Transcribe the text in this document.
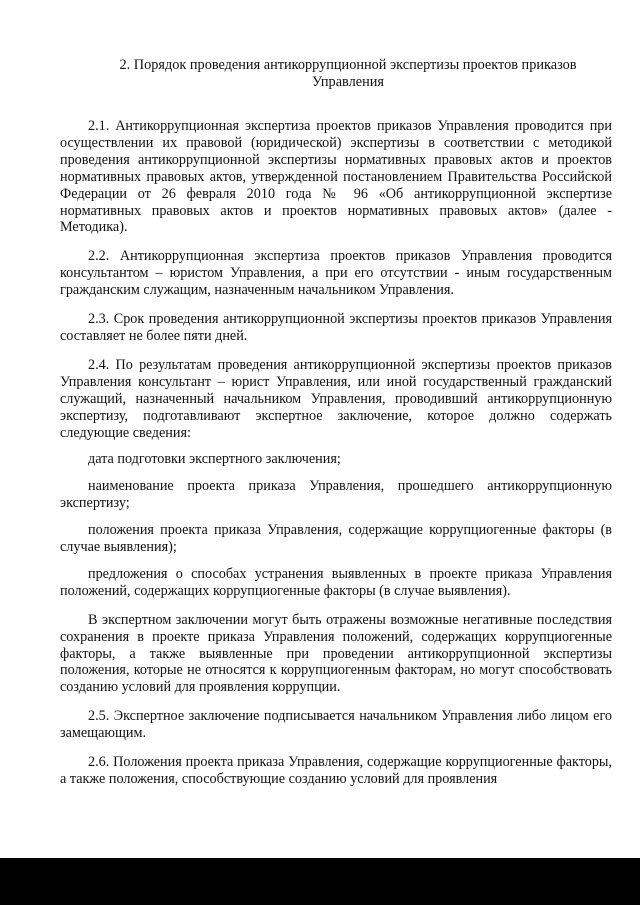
2. Порядок проведения антикоррупционной экспертизы проектов приказов
Управления

2.1. Антикоррупционная экспертиза проектов приказов Управления проводится при осуществлении их правовой (юридической) экспертизы в соответствии с методикой проведения антикоррупционной экспертизы нормативных правовых актов и проектов нормативных правовых актов, утвержденной постановлением Правительства Российской Федерации от 26 февраля 2010 года № 96 «Об антикоррупционной экспертизе нормативных правовых актов и проектов нормативных правовых актов» (далее - Методика).

2.2. Антикоррупционная экспертиза проектов приказов Управления проводится консультантом – юристом Управления, а при его отсутствии - иным государственным гражданским служащим, назначенным начальником Управления.

2.3. Срок проведения антикоррупционной экспертизы проектов приказов Управления составляет не более пяти дней.

2.4. По результатам проведения антикоррупционной экспертизы проектов приказов Управления консультант – юрист Управления, или иной государственный гражданский служащий, назначенный начальником Управления, проводивший антикоррупционную экспертизу, подготавливают экспертное заключение, которое должно содержать следующие сведения:

дата подготовки экспертного заключения;

наименование проекта приказа Управления, прошедшего антикоррупционную экспертизу;

положения проекта приказа Управления, содержащие коррупциогенные факторы (в случае выявления);

предложения о способах устранения выявленных в проекте приказа Управления положений, содержащих коррупциогенные факторы (в случае выявления).

В экспертном заключении могут быть отражены возможные негативные последствия сохранения в проекте приказа Управления положений, содержащих коррупциогенные факторы, а также выявленные при проведении антикоррупционной экспертизы положения, которые не относятся к коррупциогенным факторам, но могут способствовать созданию условий для проявления коррупции.

2.5. Экспертное заключение подписывается начальником Управления либо лицом его замещающим.

2.6. Положения проекта приказа Управления, содержащие коррупциогенные факторы, а также положения, способствующие созданию условий для проявления
